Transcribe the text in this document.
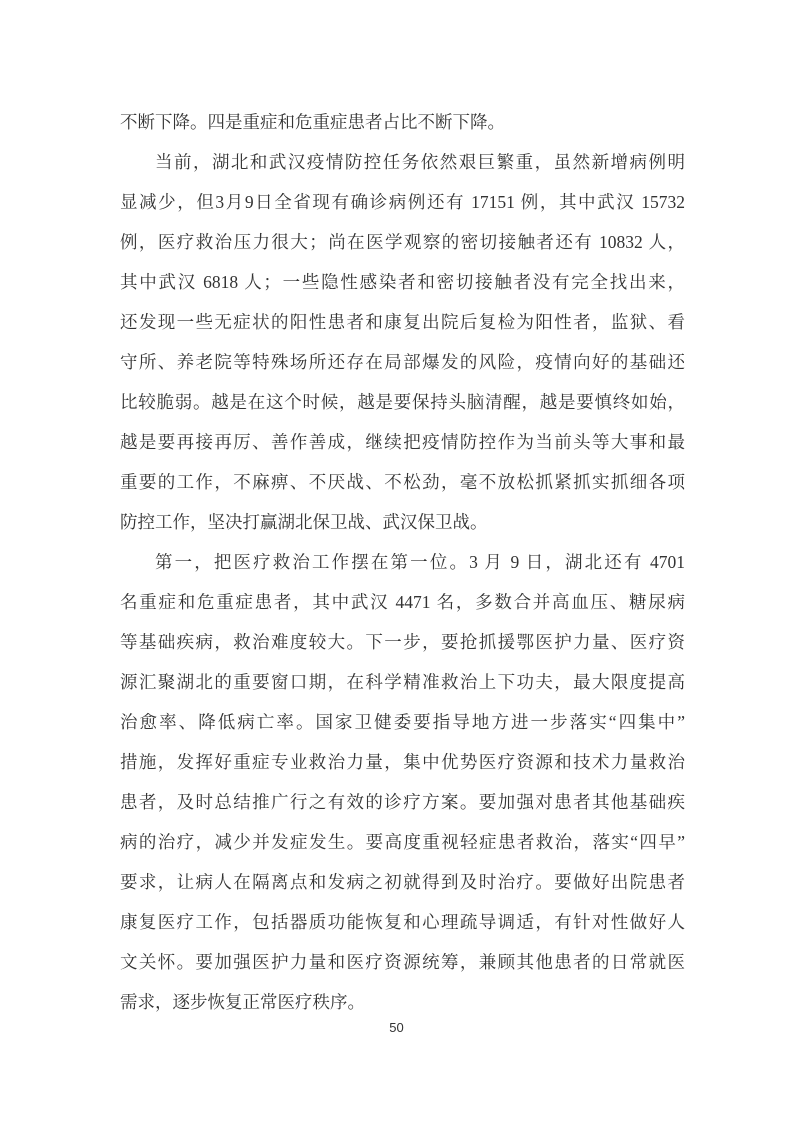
不断下降。四是重症和危重症患者占比不断下降。
当前，湖北和武汉疫情防控任务依然艰巨繁重，虽然新增病例明
显减少，但3月9日全省现有确诊病例还有 17151 例，其中武汉 15732
例，医疗救治压力很大；尚在医学观察的密切接触者还有 10832 人，
其中武汉 6818 人；一些隐性感染者和密切接触者没有完全找出来，
还发现一些无症状的阳性患者和康复出院后复检为阳性者，监狱、看
守所、养老院等特殊场所还存在局部爆发的风险，疫情向好的基础还
比较脆弱。越是在这个时候，越是要保持头脑清醒，越是要慎终如始，
越是要再接再厉、善作善成，继续把疫情防控作为当前头等大事和最
重要的工作，不麻痹、不厌战、不松劲，毫不放松抓紧抓实抓细各项
防控工作，坚决打赢湖北保卫战、武汉保卫战。
第一，把医疗救治工作摆在第一位。3 月 9 日，湖北还有 4701
名重症和危重症患者，其中武汉 4471 名，多数合并高血压、糖尿病
等基础疾病，救治难度较大。下一步，要抢抓援鄂医护力量、医疗资
源汇聚湖北的重要窗口期，在科学精准救治上下功夫，最大限度提高
治愈率、降低病亡率。国家卫健委要指导地方进一步落实“四集中”
措施，发挥好重症专业救治力量，集中优势医疗资源和技术力量救治
患者，及时总结推广行之有效的诊疗方案。要加强对患者其他基础疾
病的治疗，减少并发症发生。要高度重视轻症患者救治，落实“四早”
要求，让病人在隔离点和发病之初就得到及时治疗。要做好出院患者
康复医疗工作，包括器质功能恢复和心理疏导调适，有针对性做好人
文关怀。要加强医护力量和医疗资源统筹，兼顾其他患者的日常就医
需求，逐步恢复正常医疗秩序。
50
